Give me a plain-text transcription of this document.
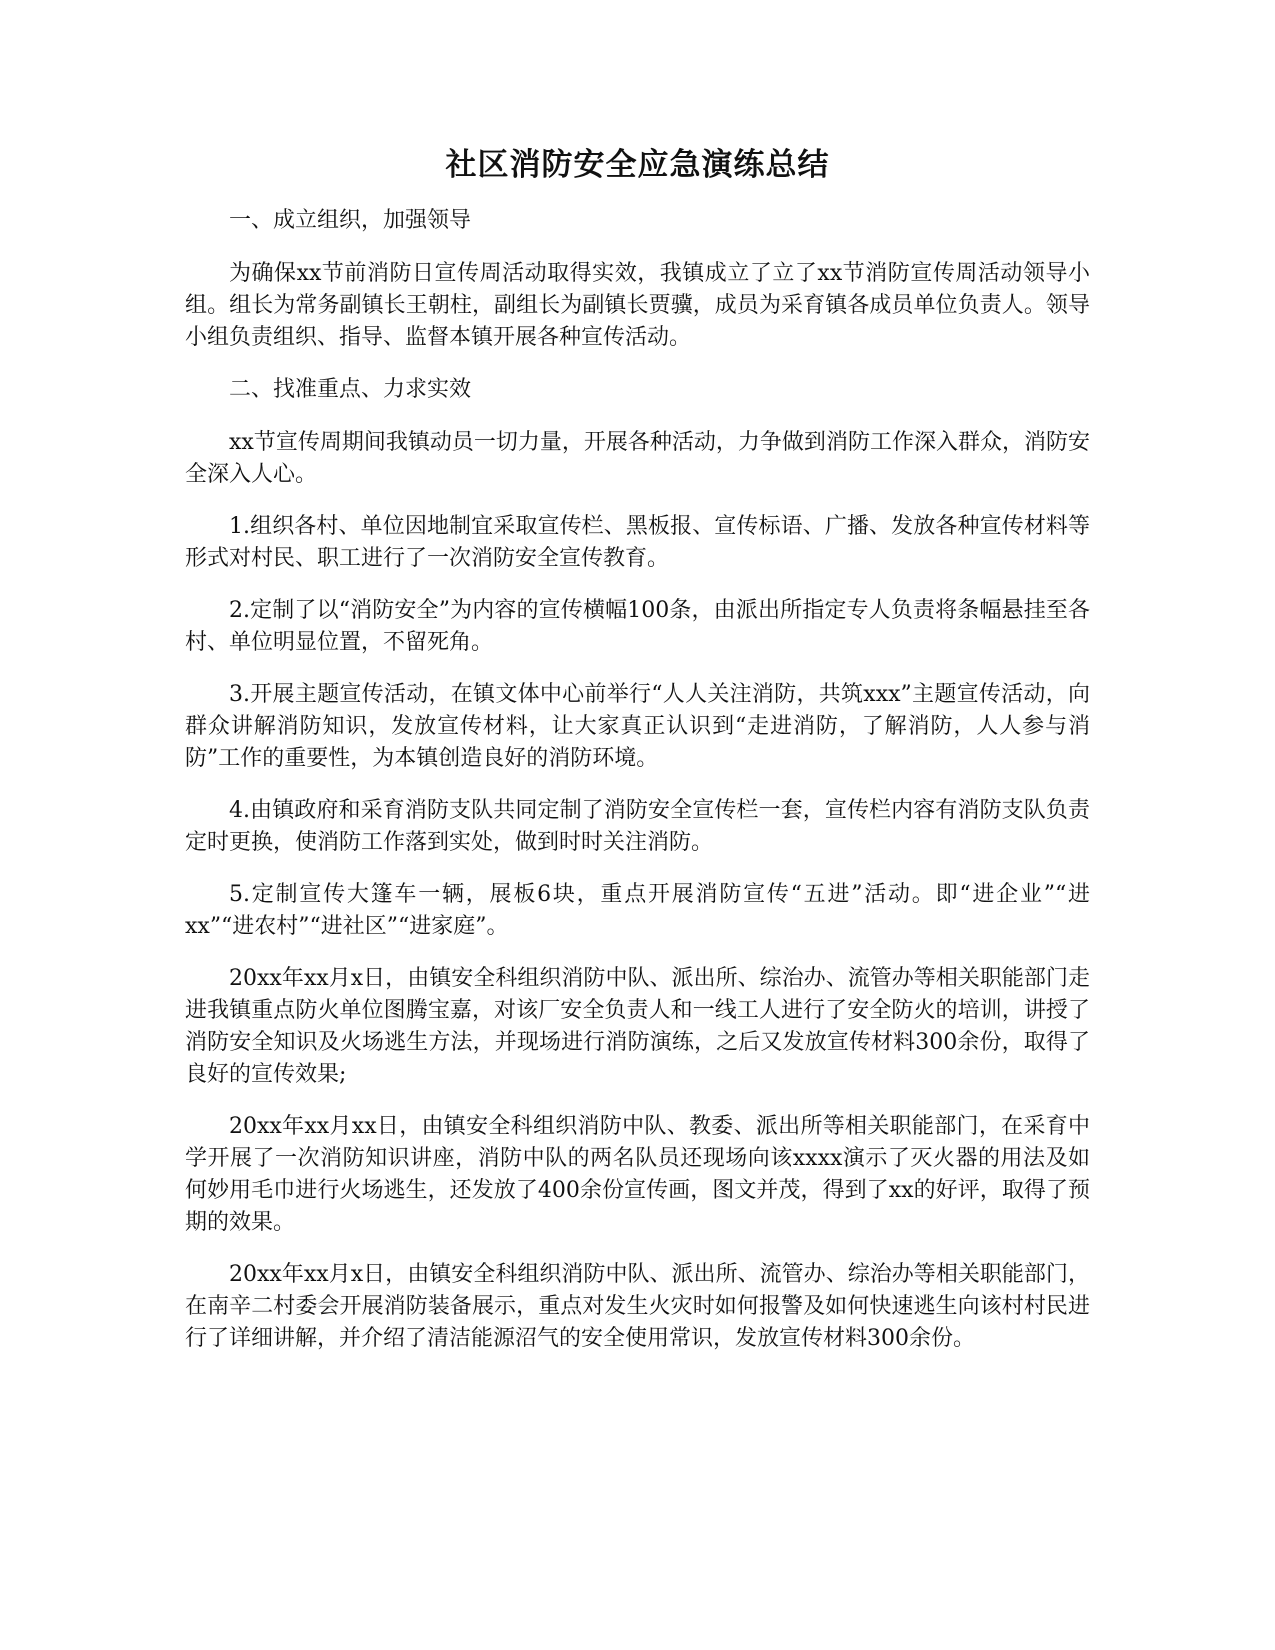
社区消防安全应急演练总结

一、成立组织，加强领导

为确保xx节前消防日宣传周活动取得实效，我镇成立了立了xx节消防宣传周活动领导小组。组长为常务副镇长王朝柱，副组长为副镇长贾骥，成员为采育镇各成员单位负责人。领导小组负责组织、指导、监督本镇开展各种宣传活动。

二、找准重点、力求实效

xx节宣传周期间我镇动员一切力量，开展各种活动，力争做到消防工作深入群众，消防安全深入人心。

1.组织各村、单位因地制宜采取宣传栏、黑板报、宣传标语、广播、发放各种宣传材料等形式对村民、职工进行了一次消防安全宣传教育。

2.定制了以“消防安全”为内容的宣传横幅100条，由派出所指定专人负责将条幅悬挂至各村、单位明显位置，不留死角。

3.开展主题宣传活动，在镇文体中心前举行“人人关注消防，共筑xxx”主题宣传活动，向群众讲解消防知识，发放宣传材料，让大家真正认识到“走进消防，了解消防，人人参与消防”工作的重要性，为本镇创造良好的消防环境。

4.由镇政府和采育消防支队共同定制了消防安全宣传栏一套，宣传栏内容有消防支队负责定时更换，使消防工作落到实处，做到时时关注消防。

5.定制宣传大篷车一辆，展板6块，重点开展消防宣传“五进”活动。即“进企业”“进xx”“进农村”“进社区”“进家庭”。

20xx年xx月x日，由镇安全科组织消防中队、派出所、综治办、流管办等相关职能部门走进我镇重点防火单位图腾宝嘉，对该厂安全负责人和一线工人进行了安全防火的培训，讲授了消防安全知识及火场逃生方法，并现场进行消防演练，之后又发放宣传材料300余份，取得了良好的宣传效果;

20xx年xx月xx日，由镇安全科组织消防中队、教委、派出所等相关职能部门，在采育中学开展了一次消防知识讲座，消防中队的两名队员还现场向该xxxx演示了灭火器的用法及如何妙用毛巾进行火场逃生，还发放了400余份宣传画，图文并茂，得到了xx的好评，取得了预期的效果。

20xx年xx月x日，由镇安全科组织消防中队、派出所、流管办、综治办等相关职能部门，在南辛二村委会开展消防装备展示，重点对发生火灾时如何报警及如何快速逃生向该村村民进行了详细讲解，并介绍了清洁能源沼气的安全使用常识，发放宣传材料300余份。
